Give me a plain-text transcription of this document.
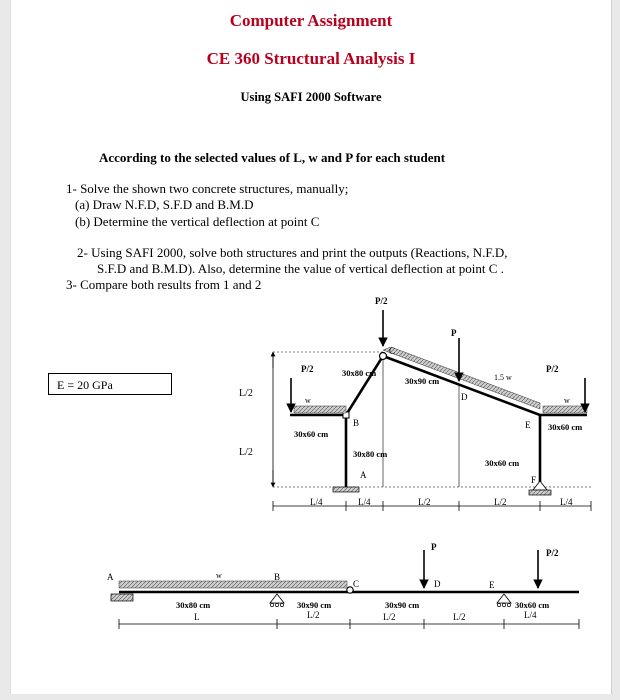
Computer Assignment
CE 360 Structural Analysis I
Using SAFI 2000 Software
According to the selected values of L, w and P for each student
1- Solve the shown two concrete structures, manually;
(a) Draw N.F.D, S.F.D and B.M.D
(b) Determine the vertical deflection at point C
2- Using SAFI 2000, solve both structures and print the outputs (Reactions, N.F.D,
S.F.D and B.M.D). Also, determine the value of vertical deflection at point C .
3- Compare both results from 1 and 2
E = 20 GPa
L/2
L/2
w	w
1.5 w
P/2
P
P/2	P/2
30x80 cm
30x90 cm
30x60 cm
30x80 cm
30x60 cm
30x60 cm
B
C
D
E
A	F
L/4	L/4	L/2	L/2	L/4
w
P
P/2
A	B
C	D	E
30x80 cm	30x90 cm	30x90 cm	30x60 cm
L	L/2	L/2	L/2	L/4
